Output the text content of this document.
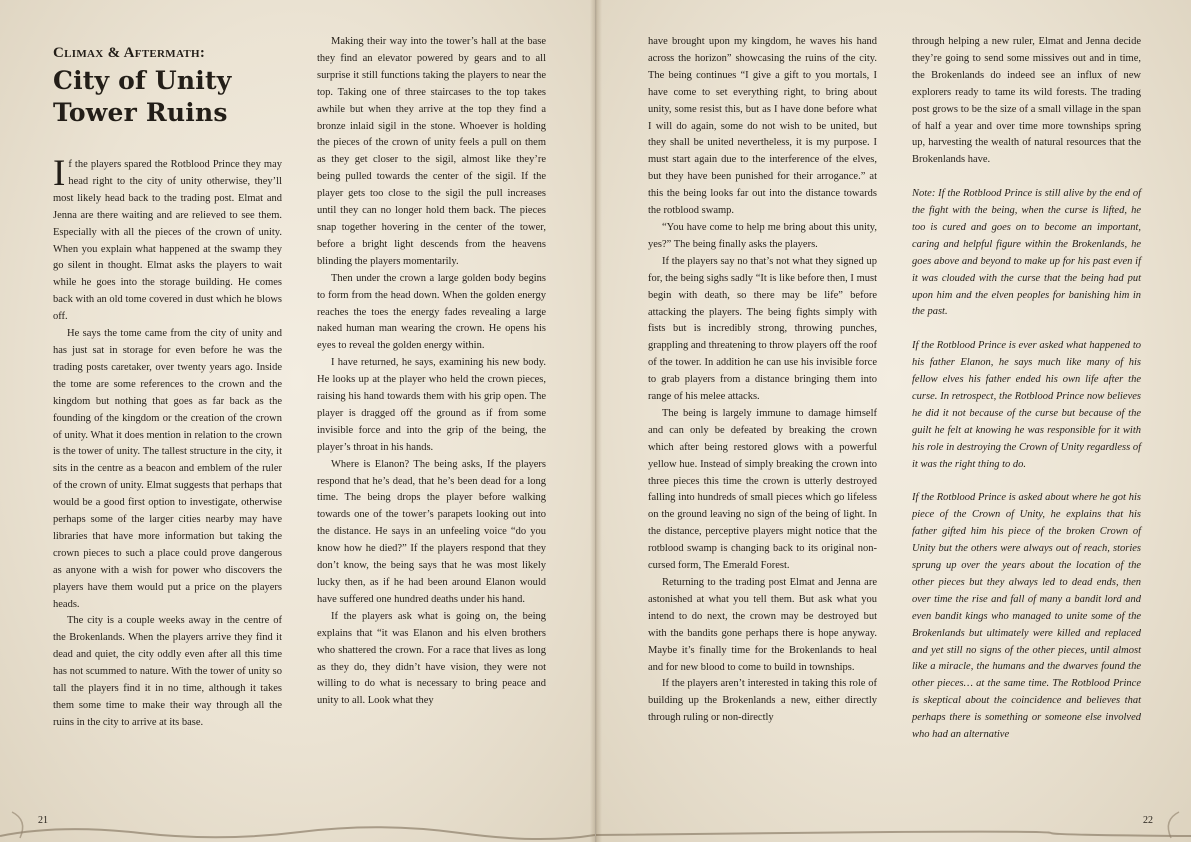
Climax & Aftermath:
City of Unity Tower Ruins

If the players spared the Rotblood Prince they may head right to the city of unity otherwise, they’ll most likely head back to the trading post. Elmat and Jenna are there waiting and are relieved to see them. Especially with all the pieces of the crown of unity. When you explain what happened at the swamp they go silent in thought. Elmat asks the players to wait while he goes into the storage building. He comes back with an old tome covered in dust which he blows off.

He says the tome came from the city of unity and has just sat in storage for even before he was the trading posts caretaker, over twenty years ago. Inside the tome are some references to the crown and the kingdom but nothing that goes as far back as the founding of the kingdom or the creation of the crown of unity. What it does mention in relation to the crown is the tower of unity. The tallest structure in the city, it sits in the centre as a beacon and emblem of the ruler of the crown of unity. Elmat suggests that perhaps that would be a good first option to investigate, otherwise perhaps some of the larger cities nearby may have libraries that have more information but taking the crown pieces to such a place could prove dangerous as anyone with a wish for power who discovers the players have them would put a price on the players heads.

The city is a couple weeks away in the centre of the Brokenlands. When the players arrive they find it dead and quiet, the city oddly even after all this time has not scummed to nature. With the tower of unity so tall the players find it in no time, although it takes them some time to make their way through all the ruins in the city to arrive at its base.

Making their way into the tower’s hall at the base they find an elevator powered by gears and to all surprise it still functions taking the players to near the top. Taking one of three staircases to the top takes awhile but when they arrive at the top they find a bronze inlaid sigil in the stone. Whoever is holding the pieces of the crown of unity feels a pull on them as they get closer to the sigil, almost like they’re being pulled towards the center of the sigil. If the player gets too close to the sigil the pull increases until they can no longer hold them back. The pieces snap together hovering in the center of the tower, before a bright light descends from the heavens blinding the players momentarily.

Then under the crown a large golden body begins to form from the head down. When the golden energy reaches the toes the energy fades revealing a large naked human man wearing the crown. He opens his eyes to reveal the golden energy within.

I have returned, he says, examining his new body. He looks up at the player who held the crown pieces, raising his hand towards them with his grip open. The player is dragged off the ground as if from some invisible force and into the grip of the being, the player’s throat in his hands.

Where is Elanon? The being asks, If the players respond that he’s dead, that he’s been dead for a long time. The being drops the player before walking towards one of the tower’s parapets looking out into the distance. He says in an unfeeling voice “do you know how he died?” If the players respond that they don’t know, the being says that he was most likely lucky then, as if he had been around Elanon would have suffered one hundred deaths under his hand.

If the players ask what is going on, the being explains that “it was Elanon and his elven brothers who shattered the crown. For a race that lives as long as they do, they didn’t have vision, they were not willing to do what is necessary to bring peace and unity to all. Look what they

21

have brought upon my kingdom, he waves his hand across the horizon” showcasing the ruins of the city. The being continues “I give a gift to you mortals, I have come to set everything right, to bring about unity, some resist this, but as I have done before what I will do again, some do not wish to be united, but they shall be united nevertheless, it is my purpose. I must start again due to the interference of the elves, but they have been punished for their arrogance.” at this the being looks far out into the distance towards the rotblood swamp.

“You have come to help me bring about this unity, yes?” The being finally asks the players.

If the players say no that’s not what they signed up for, the being sighs sadly “It is like before then, I must begin with death, so there may be life” before attacking the players. The being fights simply with fists but is incredibly strong, throwing punches, grappling and threatening to throw players off the roof of the tower. In addition he can use his invisible force to grab players from a distance bringing them into range of his melee attacks.

The being is largely immune to damage himself and can only be defeated by breaking the crown which after being restored glows with a powerful yellow hue. Instead of simply breaking the crown into three pieces this time the crown is utterly destroyed falling into hundreds of small pieces which go lifeless on the ground leaving no sign of the being of light. In the distance, perceptive players might notice that the rotblood swamp is changing back to its original non-cursed form, The Emerald Forest.

Returning to the trading post Elmat and Jenna are astonished at what you tell them. But ask what you intend to do next, the crown may be destroyed but with the bandits gone perhaps there is hope anyway. Maybe it’s finally time for the Brokenlands to heal and for new blood to come to build in townships.

If the players aren’t interested in taking this role of building up the Brokenlands a new, either directly through ruling or non-directly

through helping a new ruler, Elmat and Jenna decide they’re going to send some missives out and in time, the Brokenlands do indeed see an influx of new explorers ready to tame its wild forests. The trading post grows to be the size of a small village in the span of half a year and over time more townships spring up, harvesting the wealth of natural resources that the Brokenlands have.

Note: If the Rotblood Prince is still alive by the end of the fight with the being, when the curse is lifted, he too is cured and goes on to become an important, caring and helpful figure within the Brokenlands, he goes above and beyond to make up for his past even if it was clouded with the curse that the being had put upon him and the elven peoples for banishing him in the past.

If the Rotblood Prince is ever asked what happened to his father Elanon, he says much like many of his fellow elves his father ended his own life after the curse. In retrospect, the Rotblood Prince now believes he did it not because of the curse but because of the guilt he felt at knowing he was responsible for it with his role in destroying the Crown of Unity regardless of it was the right thing to do.

If the Rotblood Prince is asked about where he got his piece of the Crown of Unity, he explains that his father gifted him his piece of the broken Crown of Unity but the others were always out of reach, stories sprung up over the years about the location of the other pieces but they always led to dead ends, then over time the rise and fall of many a bandit lord and even bandit kings who managed to unite some of the Brokenlands but ultimately were killed and replaced and yet still no signs of the other pieces, until almost like a miracle, the humans and the dwarves found the other pieces… at the same time. The Rotblood Prince is skeptical about the coincidence and believes that perhaps there is something or someone else involved who had an alternative

22
